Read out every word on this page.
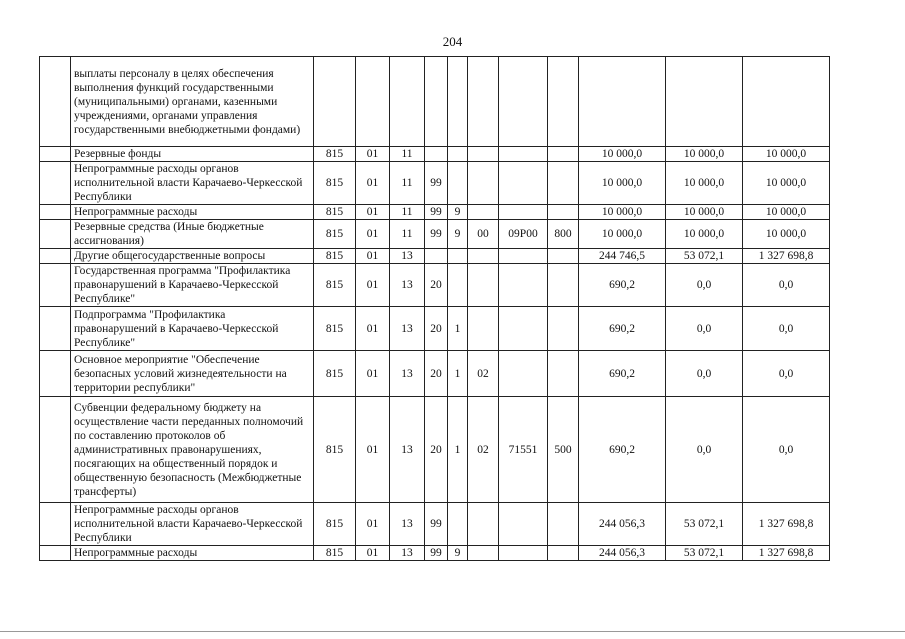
204
	выплаты персоналу в целях обеспечения выполнения функций государственными (муниципальными) органами, казенными учреждениями, органами управления государственными внебюджетными фондами)											
	Резервные фонды	815	01	11						10 000,0	10 000,0	10 000,0
	Непрограммные расходы органов исполнительной власти Карачаево-Черкесской Республики	815	01	11	99					10 000,0	10 000,0	10 000,0
	Непрограммные расходы	815	01	11	99	9				10 000,0	10 000,0	10 000,0
	Резервные средства (Иные бюджетные ассигнования)	815	01	11	99	9	00	09Р00	800	10 000,0	10 000,0	10 000,0
	Другие общегосударственные вопросы	815	01	13						244 746,5	53 072,1	1 327 698,8
	Государственная программа "Профилактика правонарушений в Карачаево-Черкесской Республике"	815	01	13	20					690,2	0,0	0,0
	Подпрограмма "Профилактика правонарушений в Карачаево-Черкесской Республике"	815	01	13	20	1				690,2	0,0	0,0
	Основное мероприятие "Обеспечение безопасных условий жизнедеятельности на территории республики"	815	01	13	20	1	02			690,2	0,0	0,0
	Субвенции федеральному бюджету на осуществление части переданных полномочий по составлению протоколов об административных правонарушениях, посягающих на общественный порядок и общественную безопасность (Межбюджетные трансферты)	815	01	13	20	1	02	71551	500	690,2	0,0	0,0
	Непрограммные расходы органов исполнительной власти Карачаево-Черкесской Республики	815	01	13	99					244 056,3	53 072,1	1 327 698,8
	Непрограммные расходы	815	01	13	99	9				244 056,3	53 072,1	1 327 698,8
